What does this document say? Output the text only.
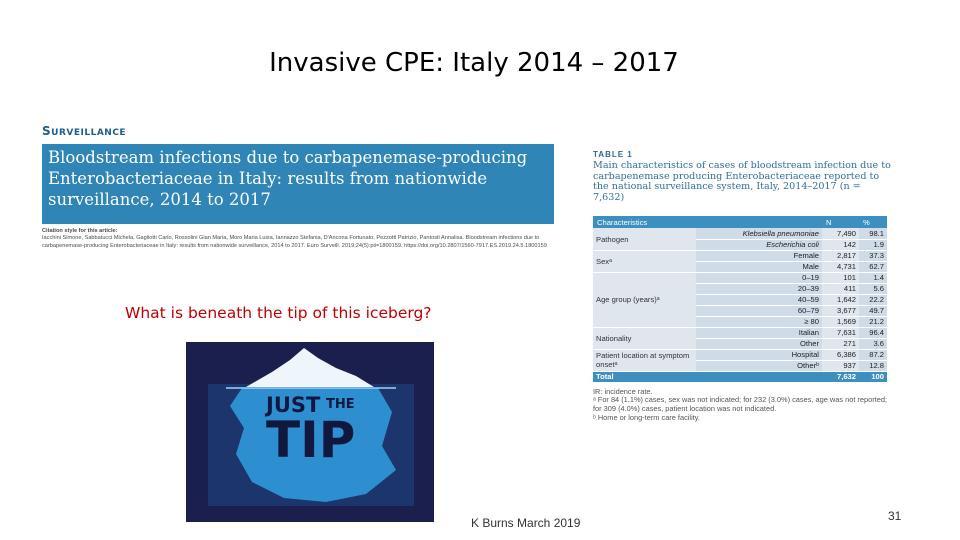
Invasive CPE: Italy 2014 – 2017
SURVEILLANCE
Bloodstream infections due to carbapenemase-producing Enterobacteriaceae in Italy: results from nationwide surveillance, 2014 to 2017
Citation style for this article:
Iacchini Simone, Sabbatucci Michela, Gagliotti Carlo, Rossolini Gian Maria, Moro Maria Luisa, Iannazzo Stefania, D'Ancona Fortunato, Pezzotti Patrizio, Pantosti Annalisa. Bloodstream infections due to carbapenemase-producing Enterobacteriaceae in Italy: results from nationwide surveillance, 2014 to 2017. Euro Surveill. 2019;24(5):pii=1800159. https://doi.org/10.2807/1560-7917.ES.2019.24.5.1800159
What is beneath the tip of this iceberg?
JUST THE
TIP
TABLE 1
Main characteristics of cases of bloodstream infection due to carbapenemase producing Enterobacteriaceae reported to the national surveillance system, Italy, 2014–2017 (n = 7,632)
Characteristics		N	%
Pathogen	Klebsiella pneumoniae	7,490	98.1
	Escherichia coli	142	1.9
Sexᵃ	Female	2,817	37.3
	Male	4,731	62.7
Age group (years)ᵃ	0–19	101	1.4
	20–39	411	5.6
	40–59	1,642	22.2
	60–79	3,677	49.7
	≥ 80	1,569	21.2
Nationality	Italian	7,631	96.4
	Other	271	3.6
Patient location at symptom onsetᵃ	Hospital	6,386	87.2
	Otherᵇ	937	12.8
Total		7,632	100
IR: incidence rate.
ᵃ For 84 (1.1%) cases, sex was not indicated; for 232 (3.0%) cases, age was not reported; for 309 (4.0%) cases, patient location was not indicated.
ᵇ Home or long-term care facility.
K Burns March 2019	31
